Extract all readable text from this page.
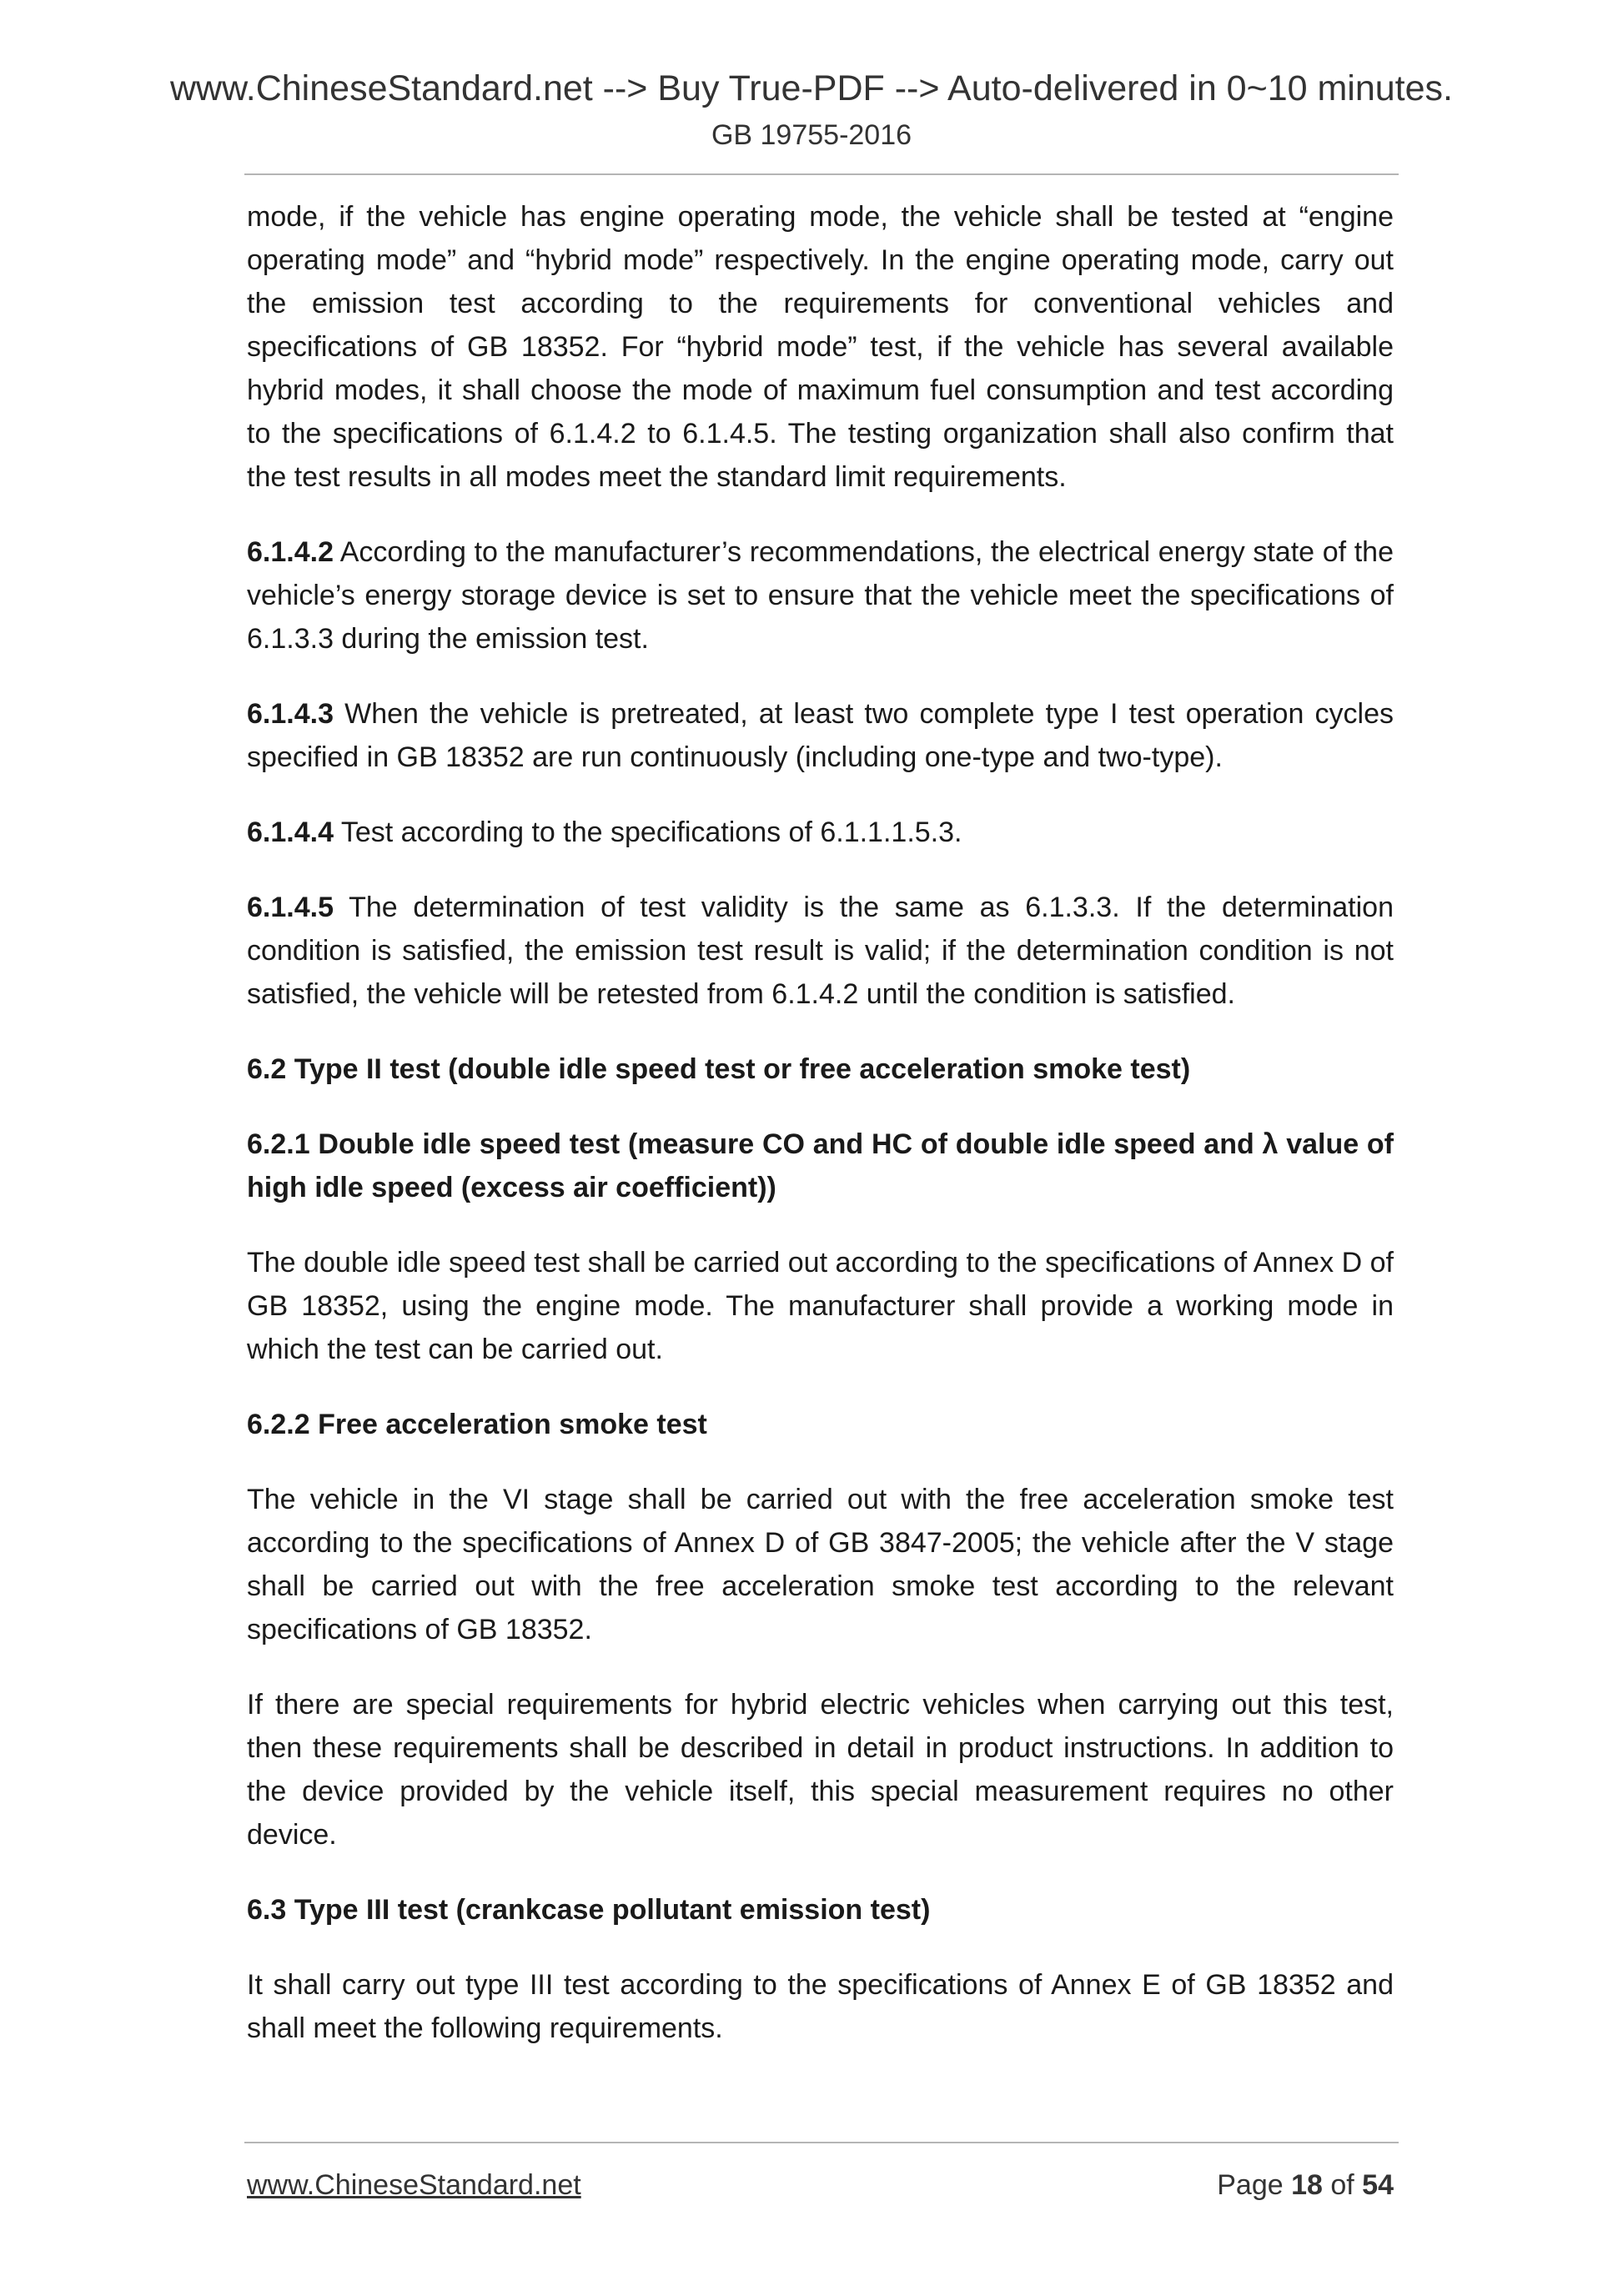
www.ChineseStandard.net --> Buy True-PDF --> Auto-delivered in 0~10 minutes.
GB 19755-2016

mode, if the vehicle has engine operating mode, the vehicle shall be tested at “engine operating mode” and “hybrid mode” respectively. In the engine operating mode, carry out the emission test according to the requirements for conventional vehicles and specifications of GB 18352. For “hybrid mode” test, if the vehicle has several available hybrid modes, it shall choose the mode of maximum fuel consumption and test according to the specifications of 6.1.4.2 to 6.1.4.5. The testing organization shall also confirm that the test results in all modes meet the standard limit requirements.

6.1.4.2 According to the manufacturer’s recommendations, the electrical energy state of the vehicle’s energy storage device is set to ensure that the vehicle meet the specifications of 6.1.3.3 during the emission test.

6.1.4.3 When the vehicle is pretreated, at least two complete type I test operation cycles specified in GB 18352 are run continuously (including one-type and two-type).

6.1.4.4 Test according to the specifications of 6.1.1.1.5.3.

6.1.4.5 The determination of test validity is the same as 6.1.3.3. If the determination condition is satisfied, the emission test result is valid; if the determination condition is not satisfied, the vehicle will be retested from 6.1.4.2 until the condition is satisfied.

6.2 Type II test (double idle speed test or free acceleration smoke test)

6.2.1 Double idle speed test (measure CO and HC of double idle speed and λ value of high idle speed (excess air coefficient))

The double idle speed test shall be carried out according to the specifications of Annex D of GB 18352, using the engine mode. The manufacturer shall provide a working mode in which the test can be carried out.

6.2.2 Free acceleration smoke test

The vehicle in the VI stage shall be carried out with the free acceleration smoke test according to the specifications of Annex D of GB 3847-2005; the vehicle after the V stage shall be carried out with the free acceleration smoke test according to the relevant specifications of GB 18352.

If there are special requirements for hybrid electric vehicles when carrying out this test, then these requirements shall be described in detail in product instructions. In addition to the device provided by the vehicle itself, this special measurement requires no other device.

6.3 Type III test (crankcase pollutant emission test)

It shall carry out type III test according to the specifications of Annex E of GB 18352 and shall meet the following requirements.

www.ChineseStandard.net	Page 18 of 54
